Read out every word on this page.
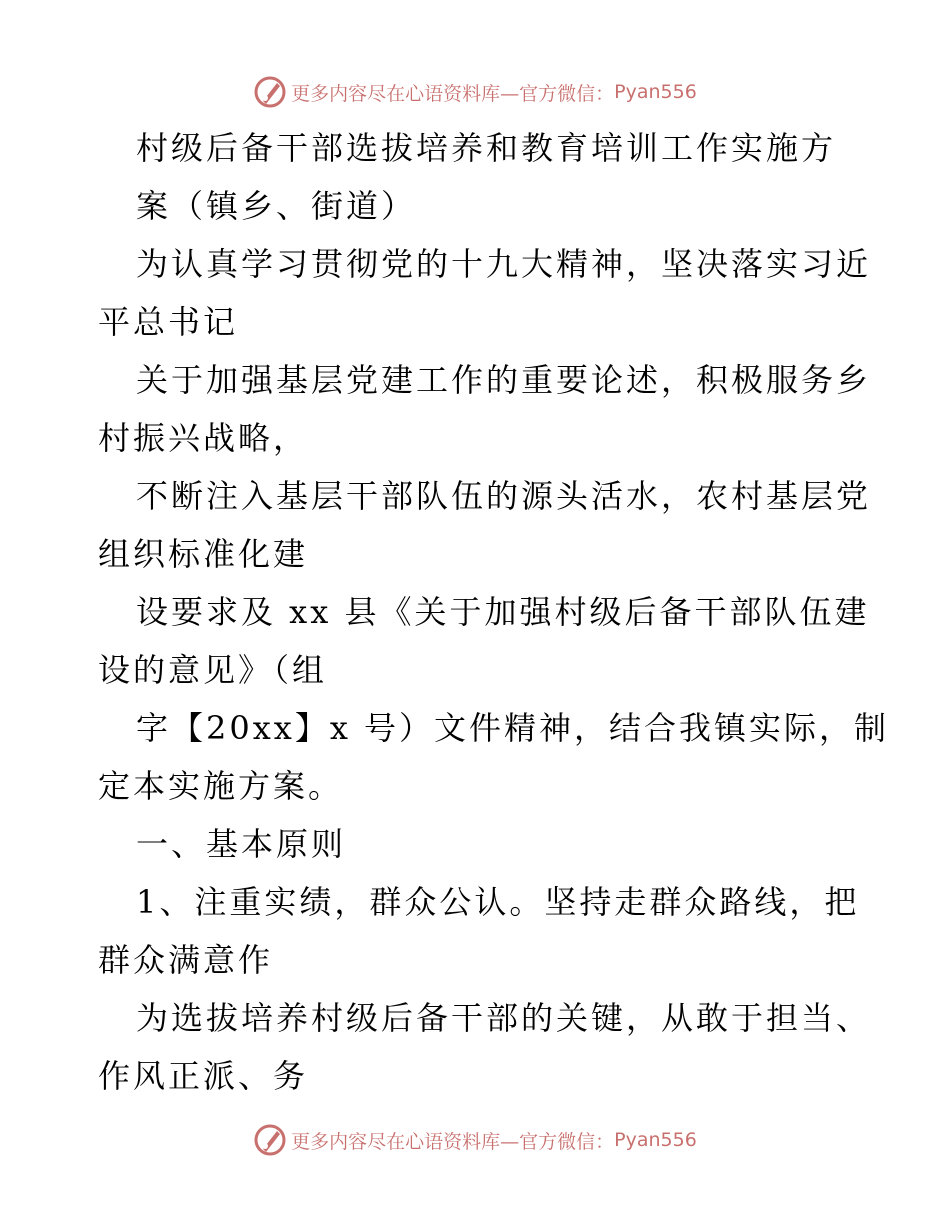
更多内容尽在心语资料库—官方微信： Pyan556
村级后备干部选拔培养和教育培训工作实施方
案（镇乡、街道）
为认真学习贯彻党的十九大精神，坚决落实习近
平总书记
关于加强基层党建工作的重要论述，积极服务乡
村振兴战略，
不断注入基层干部队伍的源头活水，农村基层党
组织标准化建
设要求及 xx 县《关于加强村级后备干部队伍建
设的意见》（组
字【20xx】x 号）文件精神，结合我镇实际，制
定本实施方案。
一、基本原则
1、注重实绩，群众公认。坚持走群众路线，把
群众满意作
为选拔培养村级后备干部的关键，从敢于担当、
作风正派、务
更多内容尽在心语资料库—官方微信： Pyan556
